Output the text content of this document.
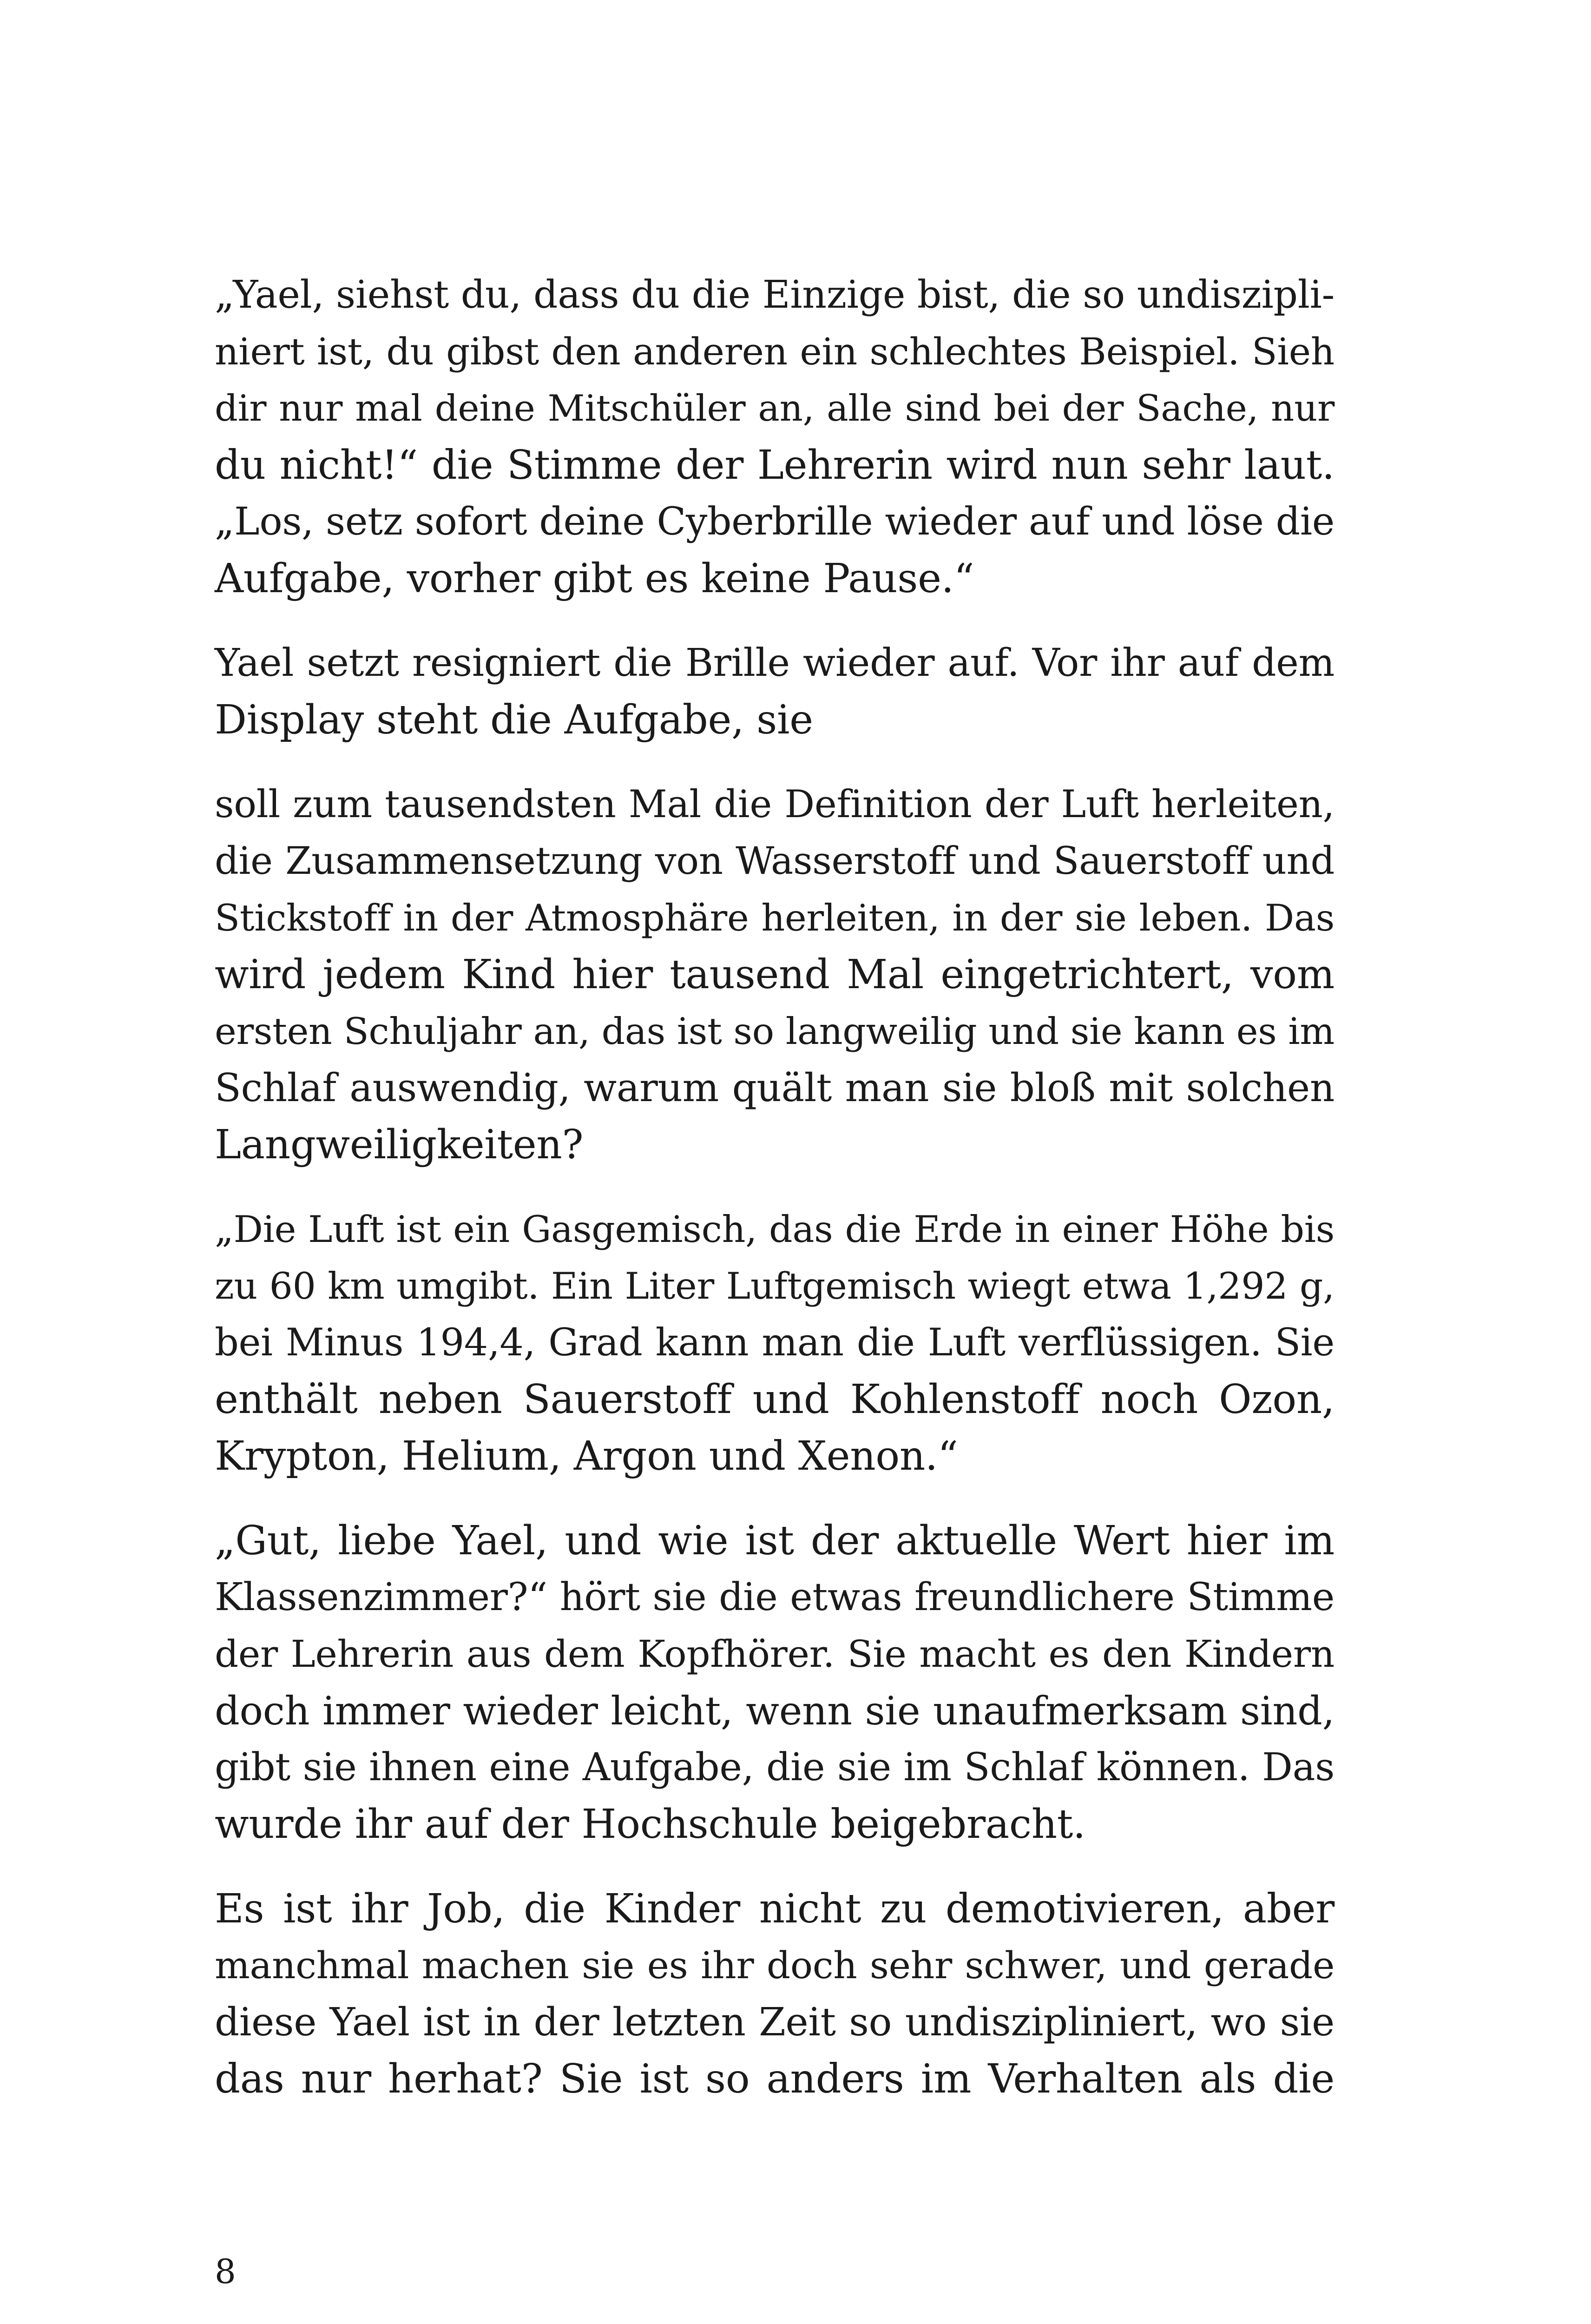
„Yael, siehst du, dass du die Einzige bist, die so undiszipli-
niert ist, du gibst den anderen ein schlechtes Beispiel. Sieh
dir nur mal deine Mitschüler an, alle sind bei der Sache, nur
du nicht!“ die Stimme der Lehrerin wird nun sehr laut.
„Los, setz sofort deine Cyberbrille wieder auf und löse die
Aufgabe, vorher gibt es keine Pause.“
Yael setzt resigniert die Brille wieder auf. Vor ihr auf dem
Display steht die Aufgabe, sie
soll zum tausendsten Mal die Definition der Luft herleiten,
die Zusammensetzung von Wasserstoff und Sauerstoff und
Stickstoff in der Atmosphäre herleiten, in der sie leben. Das
wird jedem Kind hier tausend Mal eingetrichtert, vom
ersten Schuljahr an, das ist so langweilig und sie kann es im
Schlaf auswendig, warum quält man sie bloß mit solchen
Langweiligkeiten?
„Die Luft ist ein Gasgemisch, das die Erde in einer Höhe bis
zu 60 km umgibt. Ein Liter Luftgemisch wiegt etwa 1,292 g,
bei Minus 194,4, Grad kann man die Luft verflüssigen. Sie
enthält neben Sauerstoff und Kohlenstoff noch Ozon,
Krypton, Helium, Argon und Xenon.“
„Gut, liebe Yael, und wie ist der aktuelle Wert hier im
Klassenzimmer?“ hört sie die etwas freundlichere Stimme
der Lehrerin aus dem Kopfhörer. Sie macht es den Kindern
doch immer wieder leicht, wenn sie unaufmerksam sind,
gibt sie ihnen eine Aufgabe, die sie im Schlaf können. Das
wurde ihr auf der Hochschule beigebracht.
Es ist ihr Job, die Kinder nicht zu demotivieren, aber
manchmal machen sie es ihr doch sehr schwer, und gerade
diese Yael ist in der letzten Zeit so undiszipliniert, wo sie
das nur herhat? Sie ist so anders im Verhalten als die
8
